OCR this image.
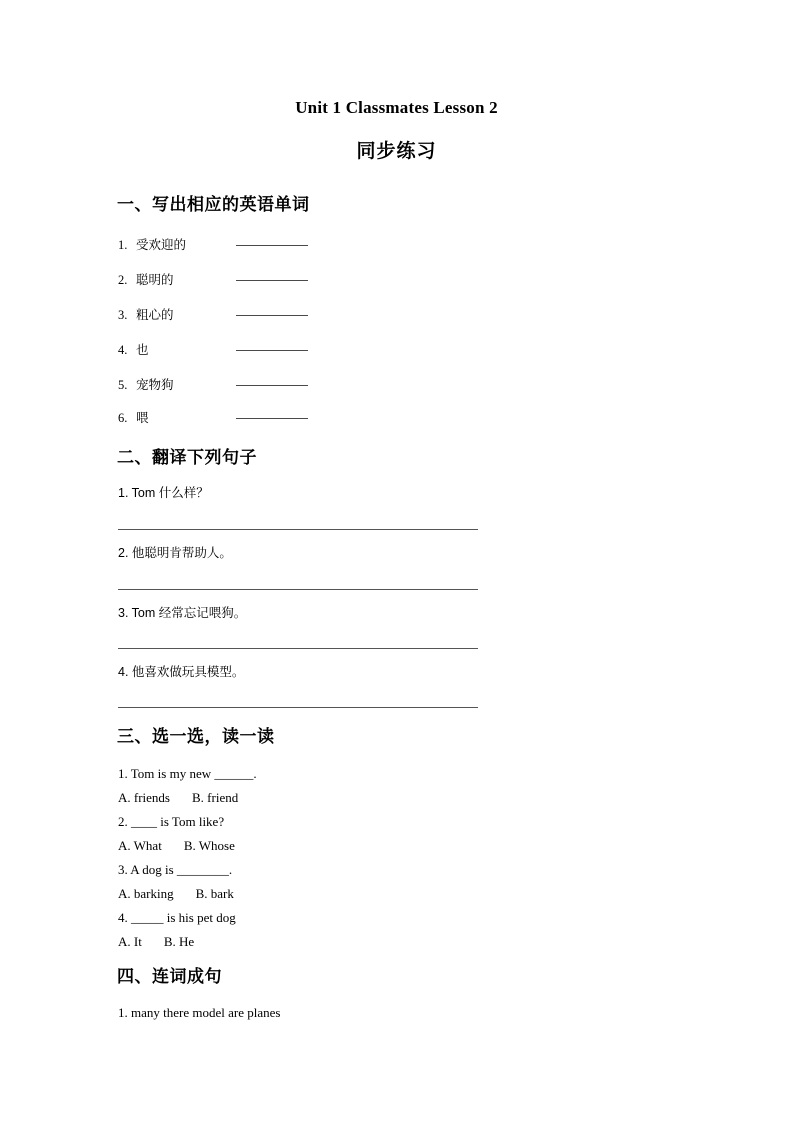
Unit 1 Classmates Lesson 2
同步练习
一、写出相应的英语单词
1. 受欢迎的
2. 聪明的
3. 粗心的
4. 也
5. 宠物狗
6. 喂
二、翻译下列句子
1. Tom 什么样？
2. 他聪明肯帮助人。
3. Tom 经常忘记喂狗。
4. 他喜欢做玩具模型。
三、选一选，读一读
1. Tom is my new ______.
A. friends B. friend
2. ____ is Tom like?
A. What B. Whose
3. A dog is ________.
A. barking B. bark
4. _____ is his pet dog
A. It B. He
四、连词成句
1. many there model are planes
